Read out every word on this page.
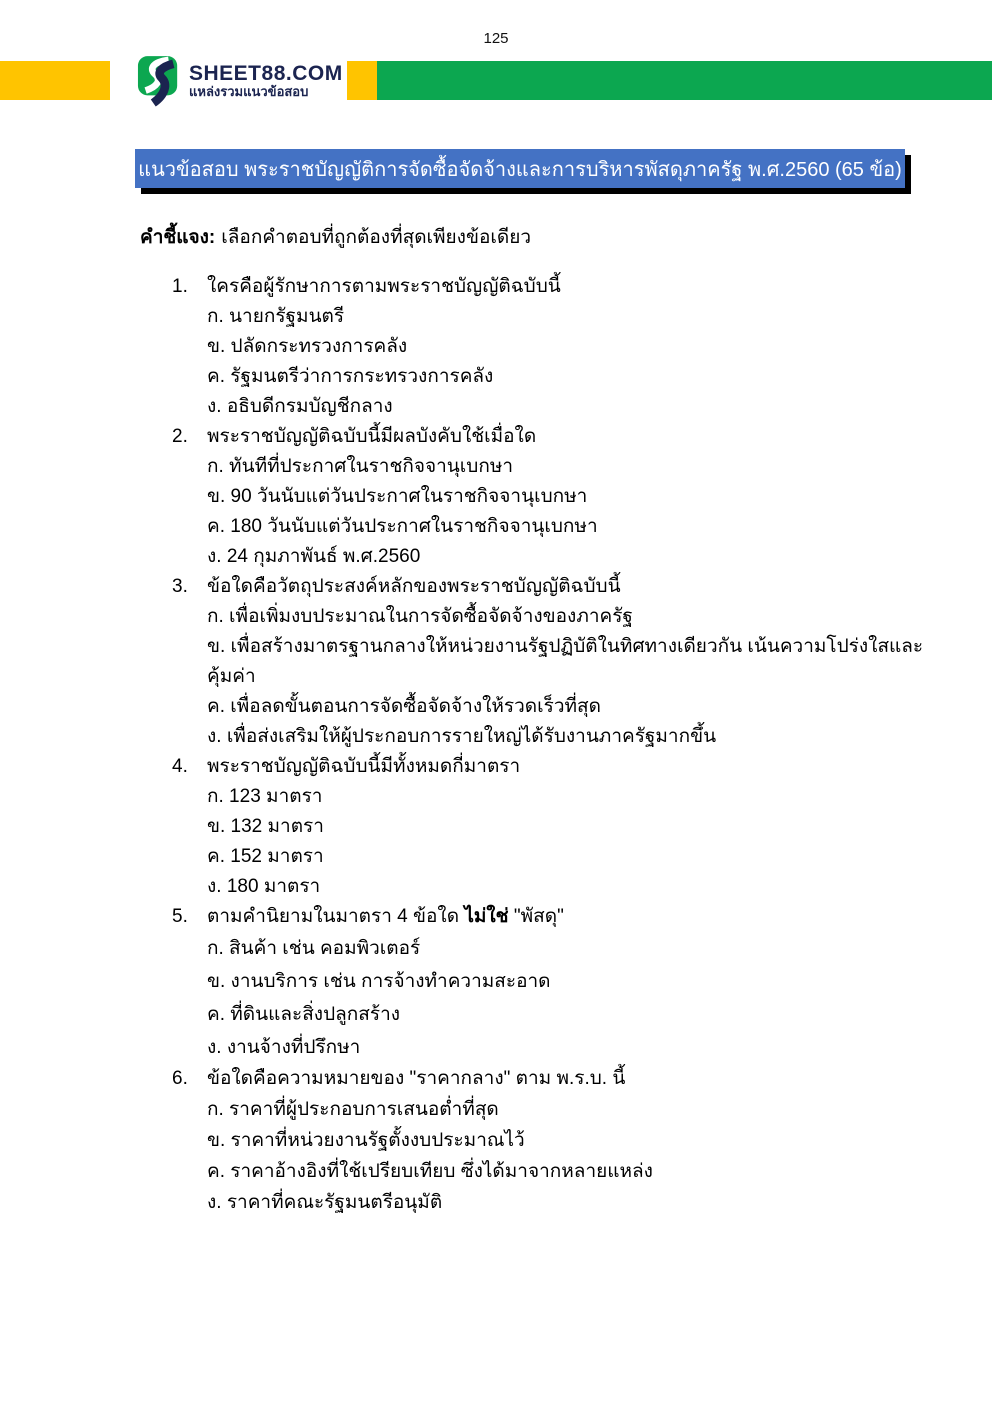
125
SHEET88.COM
แหล่งรวมแนวข้อสอบ
แนวข้อสอบ พระราชบัญญัติการจัดซื้อจัดจ้างและการบริหารพัสดุภาครัฐ พ.ศ.2560 (65 ข้อ)
คำชี้แจง: เลือกคำตอบที่ถูกต้องที่สุดเพียงข้อเดียว
1.	ใครคือผู้รักษาการตามพระราชบัญญัติฉบับนี้
ก. นายกรัฐมนตรี
ข. ปลัดกระทรวงการคลัง
ค. รัฐมนตรีว่าการกระทรวงการคลัง
ง. อธิบดีกรมบัญชีกลาง
2.	พระราชบัญญัติฉบับนี้มีผลบังคับใช้เมื่อใด
ก. ทันทีที่ประกาศในราชกิจจานุเบกษา
ข. 90 วันนับแต่วันประกาศในราชกิจจานุเบกษา
ค. 180 วันนับแต่วันประกาศในราชกิจจานุเบกษา
ง. 24 กุมภาพันธ์ พ.ศ.2560
3.	ข้อใดคือวัตถุประสงค์หลักของพระราชบัญญัติฉบับนี้
ก. เพื่อเพิ่มงบประมาณในการจัดซื้อจัดจ้างของภาครัฐ
ข. เพื่อสร้างมาตรฐานกลางให้หน่วยงานรัฐปฏิบัติในทิศทางเดียวกัน เน้นความโปร่งใสและคุ้มค่า
ค. เพื่อลดขั้นตอนการจัดซื้อจัดจ้างให้รวดเร็วที่สุด
ง. เพื่อส่งเสริมให้ผู้ประกอบการรายใหญ่ได้รับงานภาครัฐมากขึ้น
4.	พระราชบัญญัติฉบับนี้มีทั้งหมดกี่มาตรา
ก. 123 มาตรา
ข. 132 มาตรา
ค. 152 มาตรา
ง. 180 มาตรา
5.	ตามคำนิยามในมาตรา 4 ข้อใด ไม่ใช่ "พัสดุ"
ก. สินค้า เช่น คอมพิวเตอร์
ข. งานบริการ เช่น การจ้างทำความสะอาด
ค. ที่ดินและสิ่งปลูกสร้าง
ง. งานจ้างที่ปรึกษา
6.	ข้อใดคือความหมายของ "ราคากลาง" ตาม พ.ร.บ. นี้
ก. ราคาที่ผู้ประกอบการเสนอต่ำที่สุด
ข. ราคาที่หน่วยงานรัฐตั้งงบประมาณไว้
ค. ราคาอ้างอิงที่ใช้เปรียบเทียบ ซึ่งได้มาจากหลายแหล่ง
ง. ราคาที่คณะรัฐมนตรีอนุมัติ
